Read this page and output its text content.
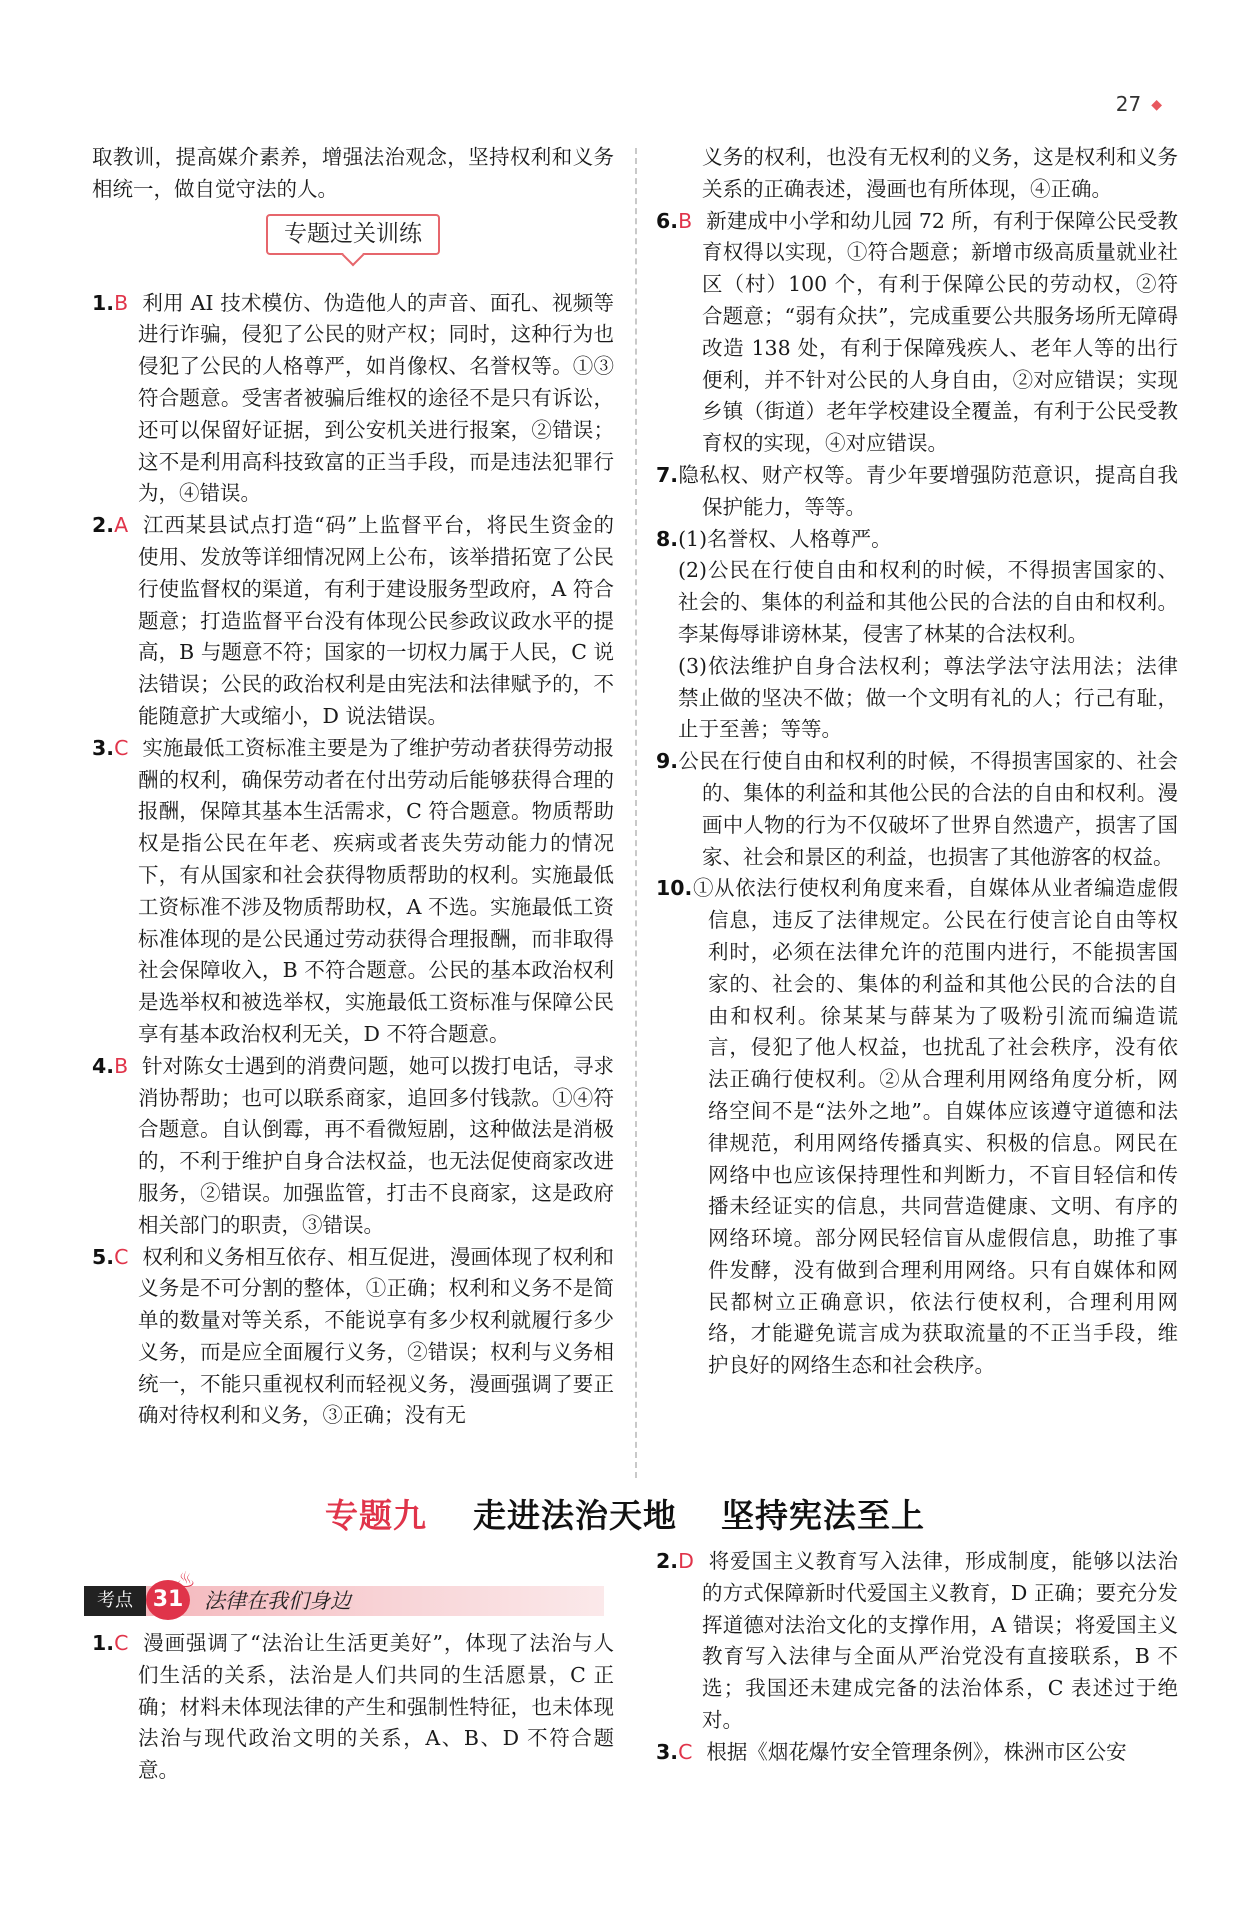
27 ◆

取教训，提高媒介素养，增强法治观念，坚持权利和义务相统一，做自觉守法的人。

专题过关训练

1.B 利用 AI 技术模仿、伪造他人的声音、面孔、视频等进行诈骗，侵犯了公民的财产权；同时，这种行为也侵犯了公民的人格尊严，如肖像权、名誉权等。①③符合题意。受害者被骗后维权的途径不是只有诉讼，还可以保留好证据，到公安机关进行报案，②错误；这不是利用高科技致富的正当手段，而是违法犯罪行为，④错误。

2.A 江西某县试点打造“码”上监督平台，将民生资金的使用、发放等详细情况网上公布，该举措拓宽了公民行使监督权的渠道，有利于建设服务型政府，A 符合题意；打造监督平台没有体现公民参政议政水平的提高，B 与题意不符；国家的一切权力属于人民，C 说法错误；公民的政治权利是由宪法和法律赋予的，不能随意扩大或缩小，D 说法错误。

3.C 实施最低工资标准主要是为了维护劳动者获得劳动报酬的权利，确保劳动者在付出劳动后能够获得合理的报酬，保障其基本生活需求，C 符合题意。物质帮助权是指公民在年老、疾病或者丧失劳动能力的情况下，有从国家和社会获得物质帮助的权利。实施最低工资标准不涉及物质帮助权，A 不选。实施最低工资标准体现的是公民通过劳动获得合理报酬，而非取得社会保障收入，B 不符合题意。公民的基本政治权利是选举权和被选举权，实施最低工资标准与保障公民享有基本政治权利无关，D 不符合题意。

4.B 针对陈女士遇到的消费问题，她可以拨打电话，寻求消协帮助；也可以联系商家，追回多付钱款。①④符合题意。自认倒霉，再不看微短剧，这种做法是消极的，不利于维护自身合法权益，也无法促使商家改进服务，②错误。加强监管，打击不良商家，这是政府相关部门的职责，③错误。

5.C 权利和义务相互依存、相互促进，漫画体现了权利和义务是不可分割的整体，①正确；权利和义务不是简单的数量对等关系，不能说享有多少权利就履行多少义务，而是应全面履行义务，②错误；权利与义务相统一，不能只重视权利而轻视义务，漫画强调了要正确对待权利和义务，③正确；没有无

义务的权利，也没有无权利的义务，这是权利和义务关系的正确表述，漫画也有所体现，④正确。

6.B 新建成中小学和幼儿园 72 所，有利于保障公民受教育权得以实现，①符合题意；新增市级高质量就业社区（村）100 个，有利于保障公民的劳动权，②符合题意；“弱有众扶”，完成重要公共服务场所无障碍改造 138 处，有利于保障残疾人、老年人等的出行便利，并不针对公民的人身自由，②对应错误；实现乡镇（街道）老年学校建设全覆盖，有利于公民受教育权的实现，④对应错误。

7.隐私权、财产权等。青少年要增强防范意识，提高自我保护能力，等等。

8.(1)名誉权、人格尊严。

(2)公民在行使自由和权利的时候，不得损害国家的、社会的、集体的利益和其他公民的合法的自由和权利。李某侮辱诽谤林某，侵害了林某的合法权利。

(3)依法维护自身合法权利；尊法学法守法用法；法律禁止做的坚决不做；做一个文明有礼的人；行己有耻，止于至善；等等。

9.公民在行使自由和权利的时候，不得损害国家的、社会的、集体的利益和其他公民的合法的自由和权利。漫画中人物的行为不仅破坏了世界自然遗产，损害了国家、社会和景区的利益，也损害了其他游客的权益。

10.①从依法行使权利角度来看，自媒体从业者编造虚假信息，违反了法律规定。公民在行使言论自由等权利时，必须在法律允许的范围内进行，不能损害国家的、社会的、集体的利益和其他公民的合法的自由和权利。徐某某与薛某为了吸粉引流而编造谎言，侵犯了他人权益，也扰乱了社会秩序，没有依法正确行使权利。②从合理利用网络角度分析，网络空间不是“法外之地”。自媒体应该遵守道德和法律规范，利用网络传播真实、积极的信息。网民在网络中也应该保持理性和判断力，不盲目轻信和传播未经证实的信息，共同营造健康、文明、有序的网络环境。部分网民轻信盲从虚假信息，助推了事件发酵，没有做到合理利用网络。只有自媒体和网民都树立正确意识，依法行使权利，合理利用网络，才能避免谎言成为获取流量的不正当手段，维护良好的网络生态和社会秩序。

专题九 走进法治天地 坚持宪法至上
考点 31
♨
法律在我们身边

1.C 漫画强调了“法治让生活更美好”，体现了法治与人们生活的关系，法治是人们共同的生活愿景，C 正确；材料未体现法律的产生和强制性特征，也未体现法治与现代政治文明的关系，A、B、D 不符合题意。

2.D 将爱国主义教育写入法律，形成制度，能够以法治的方式保障新时代爱国主义教育，D 正确；要充分发挥道德对法治文化的支撑作用，A 错误；将爱国主义教育写入法律与全面从严治党没有直接联系，B 不选；我国还未建成完备的法治体系，C 表述过于绝对。

3.C 根据《烟花爆竹安全管理条例》，株洲市区公安
